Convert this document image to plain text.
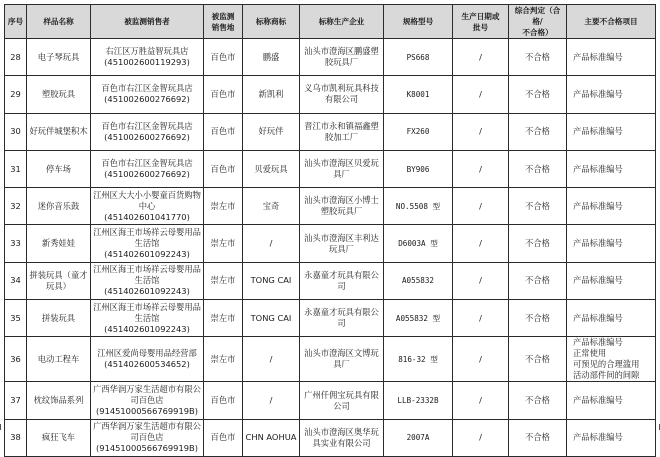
序号	样品名称	被监测销售者	被监测
销售地	标称商标	标称生产企业	规格型号	生产日期或
批号	综合判定（合格/
不合格）	主要不合格项目
28	电子琴玩具	右江区万胜益智玩具店
(451002600119293)	百色市	鹏盛	汕头市澄海区鹏盛塑胶玩具厂	PS668	/	不合格	产品标准编号

29	塑胶玩具	百色市右江区金智玩具店
(451002600276692)	百色市	新凯利	义乌市凯利玩具科技有限公司	K8001	/	不合格	产品标准编号

30	好玩伴城堡积木	百色市右江区金智玩具店
(451002600276692)	百色市	好玩伴	晋江市永和镇福鑫塑胶加工厂	FX260	/	不合格	产品标准编号

31	停车场	百色市右江区金智玩具店
(451002600276692)	百色市	贝爱玩具	汕头市澄海区贝爱玩具厂	BY906	/	不合格	产品标准编号

32	迷你音乐鼓	江州区大大小小婴童百货购物中心
(451402601041770)	崇左市	宝奇	汕头市澄海区小博士塑胶玩具厂	NO.5508 型	/	不合格	产品标准编号

33	新秀娃娃	江州区海王市场祥云母婴用品生活馆
(451402601092243)	崇左市	/	汕头市澄海区丰利达玩具厂	D6003A 型	/	不合格	产品标准编号

34	拼装玩具（童才玩具）	江州区海王市场祥云母婴用品生活馆
(451402601092243)	崇左市	TONG CAI	永嘉童才玩具有限公司	A055832	/	不合格	产品标准编号

35	拼装玩具	江州区海王市场祥云母婴用品生活馆
(451402601092243)	崇左市	TONG CAI	永嘉童才玩具有限公司	A055832 型	/	不合格	产品标准编号

36	电动工程车	江州区爱尚母婴用品经营部
(451402600534652)	崇左市	/	汕头市澄海区文博玩具厂	816-32 型	/	不合格	产品标准编号
正常使用
可预见的合理滥用
活动部件间的间隙

37	枕纹饰品系列	广西华润万家生活超市有限公司百色店
(91451000566769919B)	百色市	/	广州仟佣宝玩具有限公司	LLB-2332B	/	不合格	产品标准编号

38	疯狂飞车	广西华润万家生活超市有限公司百色店
(91451000566769919B)	百色市	CHN AOHUA	汕头市澄海区奥华玩具实业有限公司	2007A	/	不合格	产品标准编号
